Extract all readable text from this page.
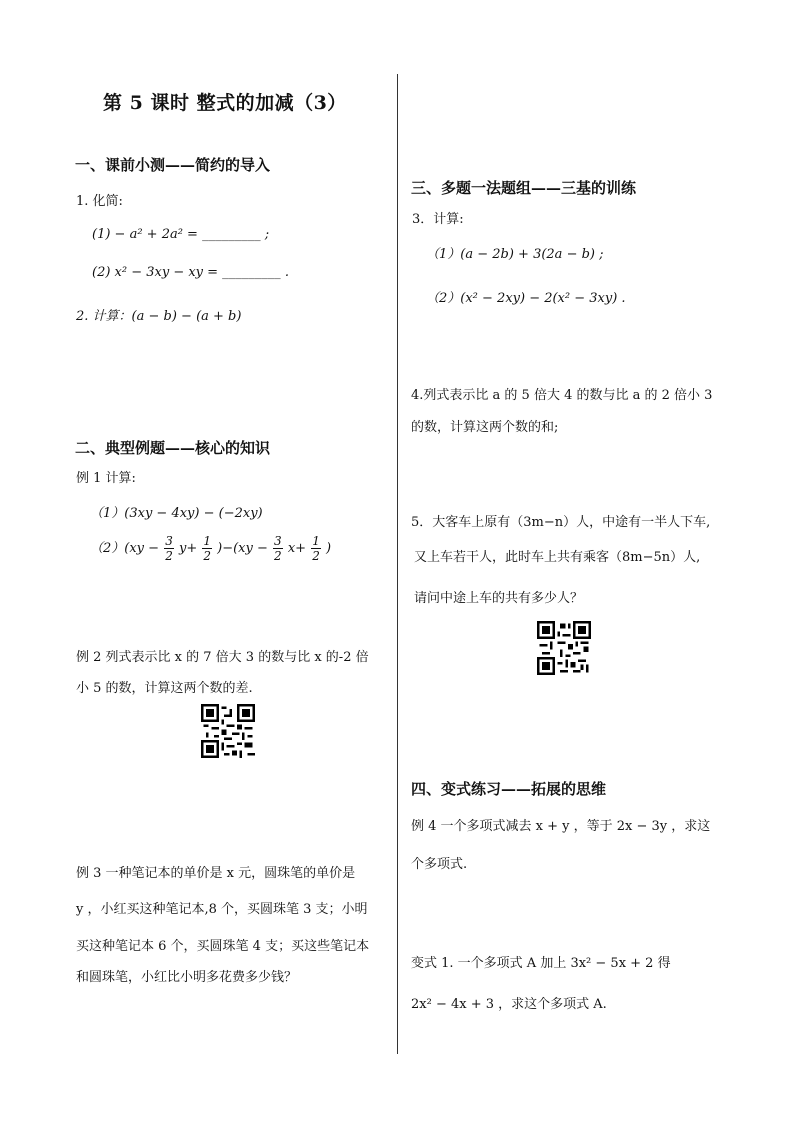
第 5 课时 整式的加减（3）
一、课前小测——简约的导入
1. 化简:
(1) − a² + 2a² = _________ ;
(2) x² − 3xy − xy = _________ .
2. 计算：(a − b) − (a + b)
二、典型例题——核心的知识
例 1 计算:
（1）(3xy − 4xy) − (−2xy)
$(2)(xy - \frac{3}{2} y+ \frac{1}{2} )-(xy - \frac{3}{2} x+ \frac{1}{2}$ )
例 2 列式表示比 x 的 7 倍大 3 的数与比 x 的-2 倍
小 5 的数，计算这两个数的差.
例 3 一种笔记本的单价是 x 元，圆珠笔的单价是
y ，小红买这种笔记本,8 个，买圆珠笔 3 支；小明
买这种笔记本 6 个，买圆珠笔 4 支；买这些笔记本
和圆珠笔，小红比小明多花费多少钱？
三、多题一法题组——三基的训练
3．计算:
（1）(a − 2b) + 3(2a − b) ;
（2）(x² − 2xy) − 2(x² − 3xy) .
4.列式表示比 a 的 5 倍大 4 的数与比 a 的 2 倍小 3
的数，计算这两个数的和;
5．大客车上原有（3m−n）人，中途有一半人下车,
又上车若干人，此时车上共有乘客（8m−5n）人,
请问中途上车的共有多少人？
四、变式练习——拓展的思维
例 4 一个多项式减去 x + y ，等于 2x − 3y ，求这
个多项式.
变式 1. 一个多项式 A 加上 3x² − 5x + 2 得
2x² − 4x + 3 ，求这个多项式 A.
